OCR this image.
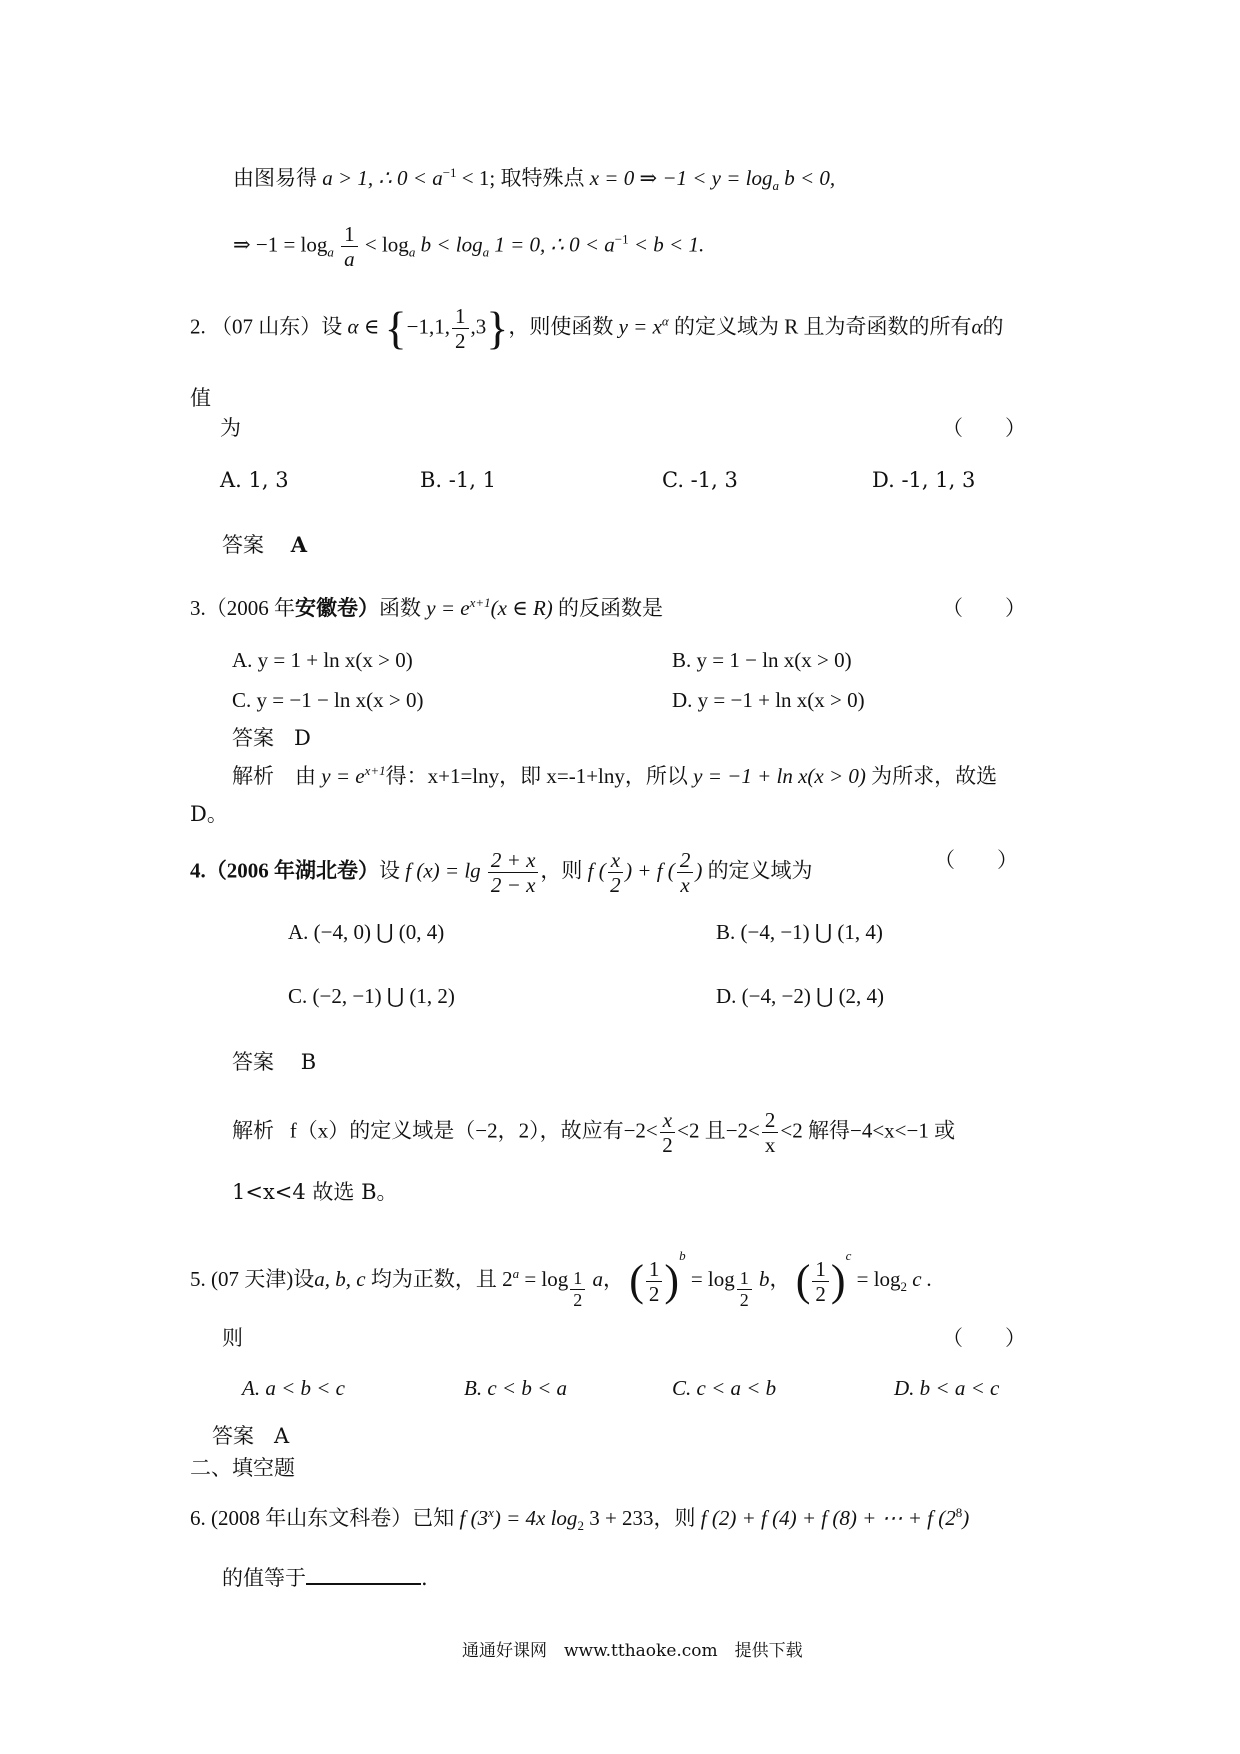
由图易得 a > 1, ∴ $0 < a^{-1} < 1$; 取特殊点 x = 0 ⇒ $-1 < y = \log_a b < 0$,
⇒ $-1 = \log_a \frac{1}{a} < \log_a b < \log_a 1 = 0$, ∴ $0 < a^{-1} < b < 1$.
2. （07 山东）设 α ∈ {−1,1, $\frac{1}{2} ,3$}，则使函数 $y = x^\alpha$ 的定义域为 R 且为奇函数的所有α的
值
为	（　　）
A. 1, 3	B. -1, 1	C. -1, 3	D. -1, 1, 3
答案 A
3.（2006 年安徽卷）函数 $y = e^{x+1}(x$ ∈ R) 的反函数是	（　　）
A. y = 1 + ln x(x > 0)	B. y = 1 − ln x(x > 0)
C. y = −1 − ln x(x > 0)	D. y = −1 + ln x(x > 0)
答案 D
解析 由 $y = e^{x+1}$得：x+1=lny，即 x=-1+lny，所以 y = −1 + ln x(x > 0) 为所求，故选
D。
4.（2006 年湖北卷）设 f $(x) = \lg \frac{2 + x}{2 - x}$ ，则 f ( $\frac{x}{2}$ ) + f ( $\frac{2}{x}$ ) 的定义域为	（　　）
A. (−4, 0) ⋃ (0, 4)	B. (−4, −1) ⋃ (1, 4)
C. (−2, −1) ⋃ (1, 2)	D. (−4, −2) ⋃ (2, 4)
答案 B
解析 f（x）的定义域是（−2，2），故应有$-2< \frac{x}{2} <2$ 且$-2< \frac{2}{x} <2$ 解得−4<x<−1 或
1<x<4 故选 B。
5. (07 天津)设a, b, c 均为正数，且 $2^a = \log \frac{1}{2}$ a， ( $\frac{1}{2} )^b = \log \frac{1}{2}$ b， ( $\frac{1}{2} )^c = \log_2 c$ .
则	（　　）
A. a < b < c	B. c < b < a	C. c < a < b	D. b < a < c
答案 A
二、填空题
6. (2008 年山东文科卷）已知 f $(3^x) = 4x$ $\log_2 3 + 233$，则 f (2) + f (4) + f (8) + ⋯ + f $(2^8)$
的值等于	.
通通好课网　www.tthaoke.com　提供下载
